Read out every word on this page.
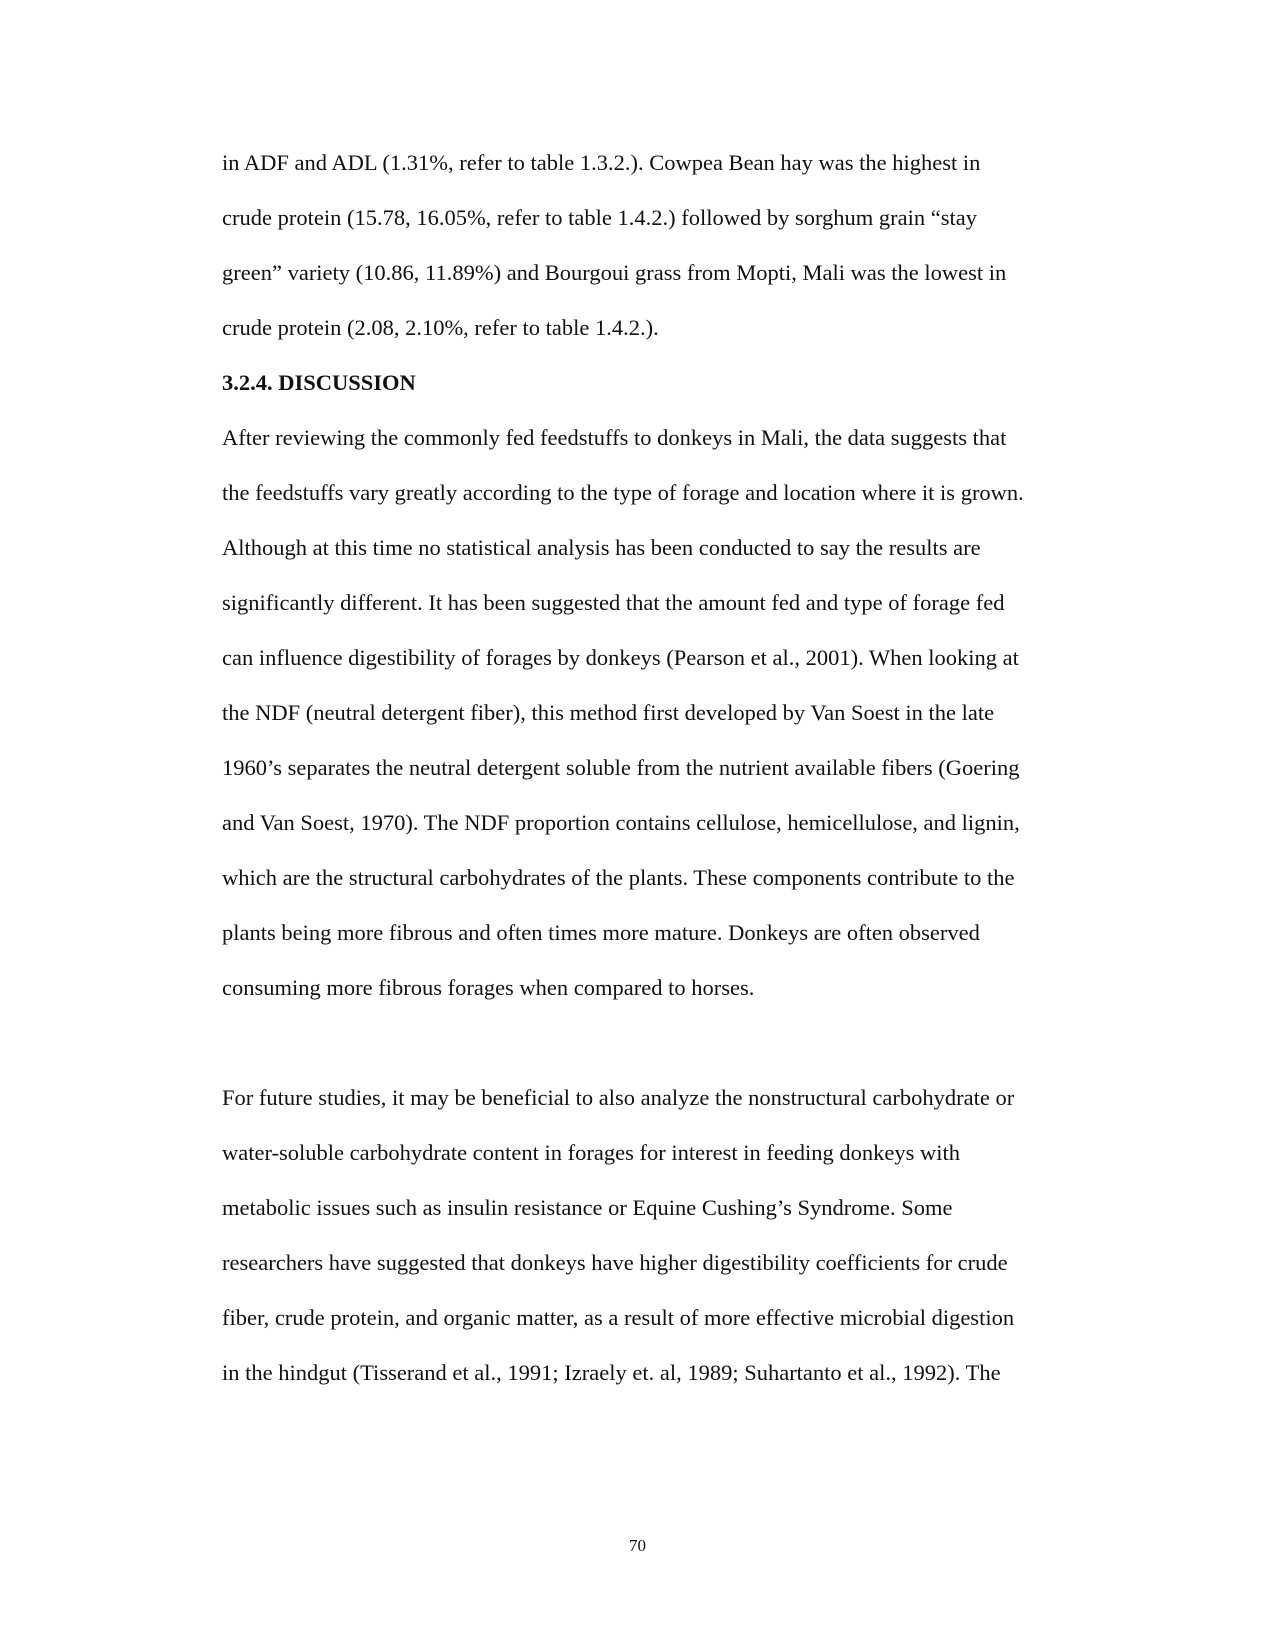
in ADF and ADL (1.31%, refer to table 1.3.2.). Cowpea Bean hay was the highest in

crude protein (15.78, 16.05%, refer to table 1.4.2.) followed by sorghum grain “stay

green” variety (10.86, 11.89%) and Bourgoui grass from Mopti, Mali was the lowest in

crude protein (2.08, 2.10%, refer to table 1.4.2.).

3.2.4. DISCUSSION

After reviewing the commonly fed feedstuffs to donkeys in Mali, the data suggests that

the feedstuffs vary greatly according to the type of forage and location where it is grown.

Although at this time no statistical analysis has been conducted to say the results are

significantly different. It has been suggested that the amount fed and type of forage fed

can influence digestibility of forages by donkeys (Pearson et al., 2001). When looking at

the NDF (neutral detergent fiber), this method first developed by Van Soest in the late

1960’s separates the neutral detergent soluble from the nutrient available fibers (Goering

and Van Soest, 1970). The NDF proportion contains cellulose, hemicellulose, and lignin,

which are the structural carbohydrates of the plants. These components contribute to the

plants being more fibrous and often times more mature. Donkeys are often observed

consuming more fibrous forages when compared to horses.

For future studies, it may be beneficial to also analyze the nonstructural carbohydrate or

water-soluble carbohydrate content in forages for interest in feeding donkeys with

metabolic issues such as insulin resistance or Equine Cushing’s Syndrome. Some

researchers have suggested that donkeys have higher digestibility coefficients for crude

fiber, crude protein, and organic matter, as a result of more effective microbial digestion

in the hindgut (Tisserand et al., 1991; Izraely et. al, 1989; Suhartanto et al., 1992). The

70
